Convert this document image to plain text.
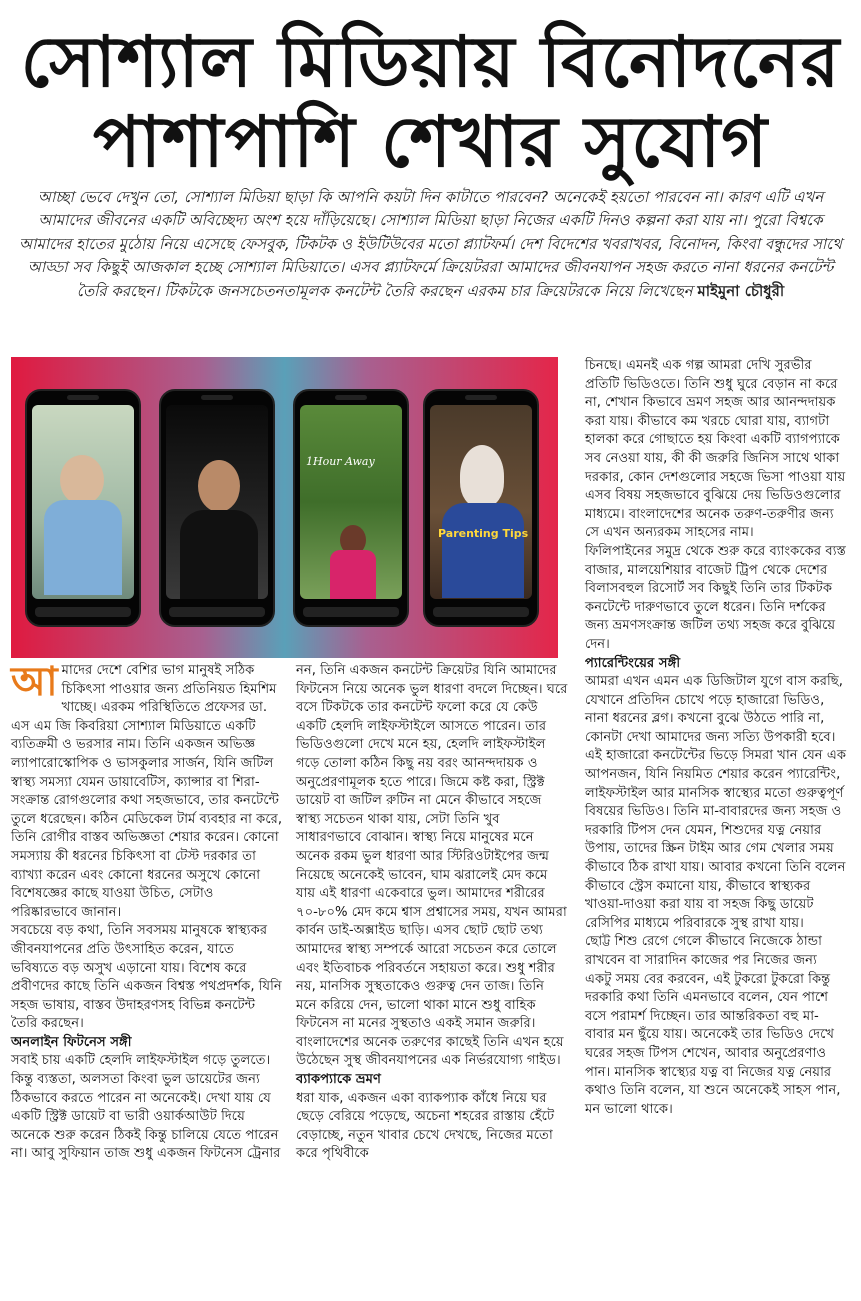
সোশ্যাল মিডিয়ায় বিনোদনের
পাশাপাশি শেখার সুযোগ
আচ্ছা ভেবে দেখুন তো, সোশ্যাল মিডিয়া ছাড়া কি আপনি কয়টা দিন কাটাতে পারবেন? অনেকেই হয়তো পারবেন না। কারণ এটি এখন আমাদের জীবনের একটি অবিচ্ছেদ্য অংশ হয়ে দাঁড়িয়েছে। সোশ্যাল মিডিয়া ছাড়া নিজের একটি দিনও কল্পনা করা যায় না। পুরো বিশ্বকে আমাদের হাতের মুঠোয় নিয়ে এসেছে ফেসবুক, টিকটক ও ইউটিউবের মতো প্ল্যাটফর্ম। দেশ বিদেশের খবরাখবর, বিনোদন, কিংবা বন্ধুদের সাথে আড্ডা সব কিছুই আজকাল হচ্ছে সোশ্যাল মিডিয়াতে। এসব প্ল্যাটফর্মে ক্রিয়েটররা আমাদের জীবনযাপন সহজ করতে নানা ধরনের কনটেন্ট তৈরি করছেন। টিকটকে জনসচেতনতামূলক কনটেন্ট তৈরি করছেন এরকম চার ক্রিয়েটরকে নিয়ে লিখেছেন মাইমুনা চৌধুরী
1Hour Away
Parenting Tips

আমাদের দেশে বেশির ভাগ মানুষই সঠিক চিকিৎসা পাওয়ার জন্য প্রতিনিয়ত হিমশিম খাচ্ছে। এরকম পরিস্থিতিতে প্রফেসর ডা. এস এম জি কিবরিয়া সোশ্যাল মিডিয়াতে একটি ব্যতিক্রমী ও ভরসার নাম। তিনি একজন অভিজ্ঞ ল্যাপারোস্কোপিক ও ভাসকুলার সার্জন, যিনি জটিল স্বাস্থ্য সমস্যা যেমন ডায়াবেটিস, ক্যান্সার বা শিরা-সংক্রান্ত রোগগুলোর কথা সহজভাবে, তার কনটেন্টে তুলে ধরেছেন। কঠিন মেডিকেল টার্ম ব্যবহার না করে, তিনি রোগীর বাস্তব অভিজ্ঞতা শেয়ার করেন। কোনো সমস্যায় কী ধরনের চিকিৎসা বা টেস্ট দরকার তা ব্যাখ্যা করেন এবং কোনো ধরনের অসুখে কোনো বিশেষজ্ঞের কাছে যাওয়া উচিত, সেটাও পরিষ্কারভাবে জানান।

সবচেয়ে বড় কথা, তিনি সবসময় মানুষকে স্বাস্থ্যকর জীবনযাপনের প্রতি উৎসাহিত করেন, যাতে ভবিষ্যতে বড় অসুখ এড়ানো যায়। বিশেষ করে প্রবীণদের কাছে তিনি একজন বিশ্বস্ত পথপ্রদর্শক, যিনি সহজ ভাষায়, বাস্তব উদাহরণসহ বিভিন্ন কনটেন্ট তৈরি করছেন।

অনলাইন ফিটনেস সঙ্গী

সবাই চায় একটি হেলদি লাইফস্টাইল গড়ে তুলতে। কিন্তু ব্যস্ততা, অলসতা কিংবা ভুল ডায়েটের জন্য ঠিকভাবে করতে পারেন না অনেকেই। দেখা যায় যে একটি স্ট্রিক্ট ডায়েট বা ভারী ওয়ার্কআউট দিয়ে অনেকে শুরু করেন ঠিকই কিন্তু চালিয়ে যেতে পারেন না। আবু সুফিয়ান তাজ শুধু একজন ফিটনেস ট্রেনার

নন, তিনি একজন কনটেন্ট ক্রিয়েটর যিনি আমাদের ফিটনেস নিয়ে অনেক ভুল ধারণা বদলে দিচ্ছেন। ঘরে বসে টিকটকে তার কনটেন্ট ফলো করে যে কেউ একটি হেলদি লাইফস্টাইলে আসতে পারেন। তার ভিডিওগুলো দেখে মনে হয়, হেলদি লাইফস্টাইল গড়ে তোলা কঠিন কিছু নয় বরং আনন্দদায়ক ও অনুপ্রেরণামূলক হতে পারে। জিমে কষ্ট করা, স্ট্রিক্ট ডায়েট বা জটিল রুটিন না মেনে কীভাবে সহজে স্বাস্থ্য সচেতন থাকা যায়, সেটা তিনি খুব সাধারণভাবে বোঝান। স্বাস্থ্য নিয়ে মানুষের মনে অনেক রকম ভুল ধারণা আর স্টিরিওটাইপের জন্ম নিয়েছে অনেকেই ভাবেন, ঘাম ঝরালেই মেদ কমে যায় এই ধারণা একেবারে ভুল। আমাদের শরীরের ৭০-৮০% মেদ কমে শ্বাস প্রশ্বাসের সময়, যখন আমরা কার্বন ডাই-অক্সাইড ছাড়ি। এসব ছোট ছোট তথ্য আমাদের স্বাস্থ্য সম্পর্কে আরো সচেতন করে তোলে এবং ইতিবাচক পরিবর্তনে সহায়তা করে। শুধু শরীর নয়, মানসিক সুস্থতাকেও গুরুত্ব দেন তাজ। তিনি মনে করিয়ে দেন, ভালো থাকা মানে শুধু বাহিক ফিটনেস না মনের সুস্থতাও একই সমান জরুরি। বাংলাদেশের অনেক তরুণের কাছেই তিনি এখন হয়ে উঠেছেন সুস্থ জীবনযাপনের এক নির্ভরযোগ্য গাইড।

ব্যাকপ্যাকে ভ্রমণ

ধরা যাক, একজন একা ব্যাকপ্যাক কাঁধে নিয়ে ঘর ছেড়ে বেরিয়ে পড়েছে, অচেনা শহরের রাস্তায় হেঁটে বেড়াচ্ছে, নতুন খাবার চেখে দেখছে, নিজের মতো করে পৃথিবীকে

চিনছে। এমনই এক গল্প আমরা দেখি সুরভীর প্রতিটি ভিডিওতে। তিনি শুধু ঘুরে বেড়ান না করে না, শেখান কিভাবে ভ্রমণ সহজ আর আনন্দদায়ক করা যায়। কীভাবে কম খরচে ঘোরা যায়, ব্যাগটা হালকা করে গোছাতে হয় কিংবা একটি ব্যাগপ্যাকে সব নেওয়া যায়, কী কী জরুরি জিনিস সাথে থাকা দরকার, কোন দেশগুলোর সহজে ভিসা পাওয়া যায় এসব বিষয় সহজভাবে বুঝিয়ে দেয় ভিডিওগুলোর মাধ্যমে। বাংলাদেশের অনেক তরুণ-তরুণীর জন্য সে এখন অন্যরকম সাহসের নাম।

ফিলিপাইনের সমুদ্র থেকে শুরু করে ব্যাংককের ব্যস্ত বাজার, মালয়েশিয়ার বাজেট ট্রিপ থেকে দেশের বিলাসবহুল রিসোর্ট সব কিছুই তিনি তার টিকটক কনটেন্টে দারুণভাবে তুলে ধরেন। তিনি দর্শকের জন্য ভ্রমণসংক্রান্ত জটিল তথ্য সহজ করে বুঝিয়ে দেন।

প্যারেন্টিংয়ের সঙ্গী

আমরা এখন এমন এক ডিজিটাল যুগে বাস করছি, যেখানে প্রতিদিন চোখে পড়ে হাজারো ভিডিও, নানা ধরনের ব্লগ। কখনো বুঝে উঠতে পারি না, কোনটা দেখা আমাদের জন্য সত্যি উপকারী হবে। এই হাজারো কনটেন্টের ভিড়ে সিমরা খান যেন এক আপনজন, যিনি নিয়মিত শেয়ার করেন প্যারেন্টিং, লাইফস্টাইল আর মানসিক স্বাস্থ্যের মতো গুরুত্বপূর্ণ বিষয়ের ভিডিও। তিনি মা-বাবারদের জন্য সহজ ও দরকারি টিপস দেন যেমন, শিশুদের যত্ন নেয়ার উপায়, তাদের স্ক্রিন টাইম আর গেম খেলার সময় কীভাবে ঠিক রাখা যায়। আবার কখনো তিনি বলেন কীভাবে স্ট্রেস কমানো যায়, কীভাবে স্বাস্থ্যকর খাওয়া-দাওয়া করা যায় বা সহজ কিছু ডায়েট রেসিপির মাধ্যমে পরিবারকে সুস্থ রাখা যায়।

ছোট্ট শিশু রেগে গেলে কীভাবে নিজেকে ঠান্ডা রাখবেন বা সারাদিন কাজের পর নিজের জন্য একটু সময় বের করবেন, এই টুকরো টুকরো কিন্তু দরকারি কথা তিনি এমনভাবে বলেন, যেন পাশে বসে পরামর্শ দিচ্ছেন। তার আন্তরিকতা বহু মা-বাবার মন ছুঁয়ে যায়। অনেকেই তার ভিডিও দেখে ঘরের সহজ টিপস শেখেন, আবার অনুপ্রেরণাও পান। মানসিক স্বাস্থ্যের যত্ন বা নিজের যত্ন নেয়ার কথাও তিনি বলেন, যা শুনে অনেকেই সাহস পান, মন ভালো থাকে।
